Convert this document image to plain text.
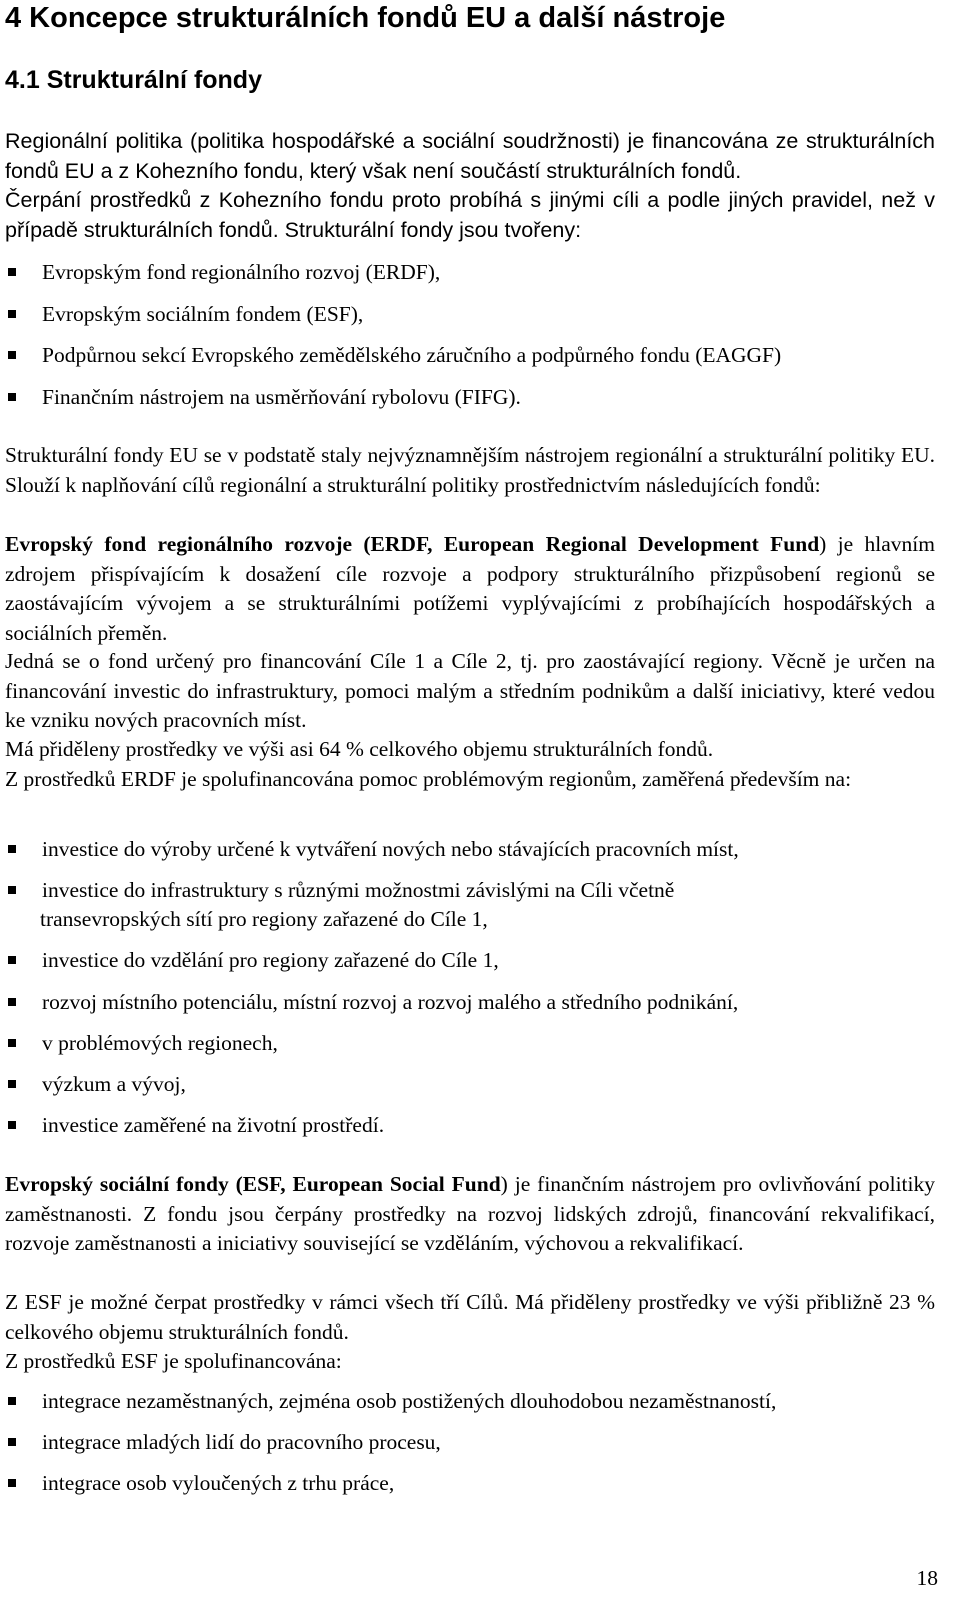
4 Koncepce strukturálních fondů EU a další nástroje
4.1 Strukturální fondy
Regionální politika (politika hospodářské a sociální soudržnosti) je financována ze strukturálních fondů EU a z Kohezního fondu, který však není součástí strukturálních fondů.
Čerpání prostředků z Kohezního fondu proto probíhá s jinými cíli a podle jiných pravidel, než v případě strukturálních fondů. Strukturální fondy jsou tvořeny:
Evropským fond regionálního rozvoj (ERDF),
Evropským sociálním fondem (ESF),
Podpůrnou sekcí Evropského zemědělského záručního a podpůrného fondu (EAGGF)
Finančním nástrojem na usměrňování rybolovu (FIFG).
Strukturální fondy EU se v podstatě staly nejvýznamnějším nástrojem regionální a strukturální politiky EU. Slouží k naplňování cílů regionální a strukturální politiky prostřednictvím následujících fondů:
Evropský fond regionálního rozvoje (ERDF, European Regional Development Fund) je hlavním zdrojem přispívajícím k dosažení cíle rozvoje a podpory strukturálního přizpůsobení regionů se zaostávajícím vývojem a se strukturálními potížemi vyplývajícími z probíhajících hospodářských a sociálních přeměn.
Jedná se o fond určený pro financování Cíle 1 a Cíle 2, tj. pro zaostávající regiony. Věcně je určen na financování investic do infrastruktury, pomoci malým a středním podnikům a další iniciativy, které vedou ke vzniku nových pracovních míst.
Má přiděleny prostředky ve výši asi 64 % celkového objemu strukturálních fondů.
Z prostředků ERDF je spolufinancována pomoc problémovým regionům, zaměřená především na:
investice do výroby určené k vytváření nových nebo stávajících pracovních míst,
investice do infrastruktury s různými možnostmi závislými na Cíli včetně
transevropských sítí pro regiony zařazené do Cíle 1,
investice do vzdělání pro regiony zařazené do Cíle 1,
rozvoj místního potenciálu, místní rozvoj a rozvoj malého a středního podnikání,
v problémových regionech,
výzkum a vývoj,
investice zaměřené na životní prostředí.
Evropský sociální fondy (ESF, European Social Fund) je finančním nástrojem pro ovlivňování politiky zaměstnanosti. Z fondu jsou čerpány prostředky na rozvoj lidských zdrojů, financování rekvalifikací, rozvoje zaměstnanosti a iniciativy související se vzděláním, výchovou a rekvalifikací.
Z ESF je možné čerpat prostředky v rámci všech tří Cílů. Má přiděleny prostředky ve výši přibližně 23 % celkového objemu strukturálních fondů.
Z prostředků ESF je spolufinancována:
integrace nezaměstnaných, zejména osob postižených dlouhodobou nezaměstnaností,
integrace mladých lidí do pracovního procesu,
integrace osob vyloučených z trhu práce,
18
